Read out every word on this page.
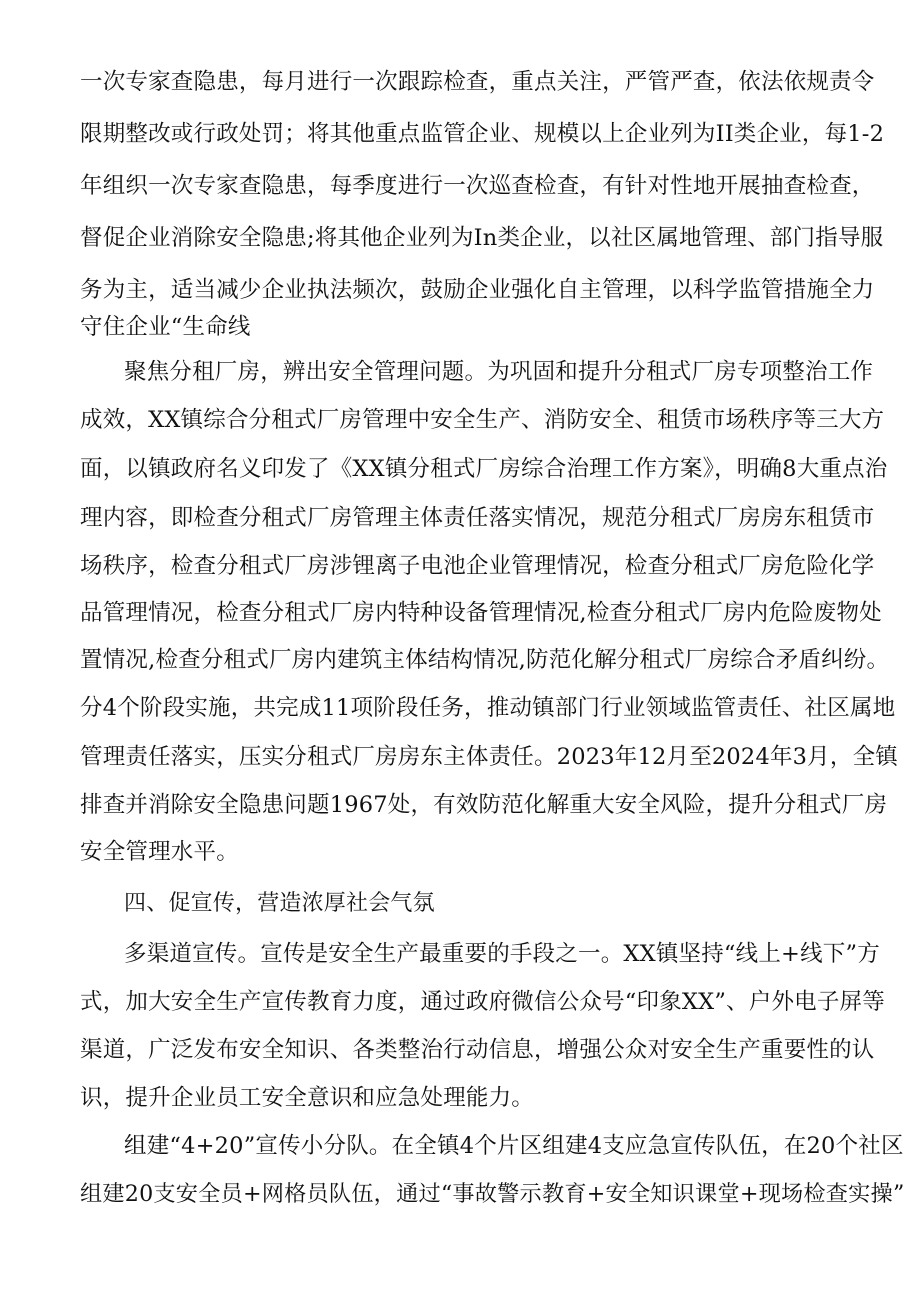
一次专家查隐患，每月进行一次跟踪检查，重点关注，严管严查，依法依规责令
限期整改或行政处罚；将其他重点监管企业、规模以上企业列为II类企业，每1-2
年组织一次专家查隐患，每季度进行一次巡查检查，有针对性地开展抽查检查，
督促企业消除安全隐患;将其他企业列为In类企业，以社区属地管理、部门指导服
务为主，适当减少企业执法频次，鼓励企业强化自主管理，以科学监管措施全力
守住企业“生命线
聚焦分租厂房，辨出安全管理问题。为巩固和提升分租式厂房专项整治工作
成效，XX镇综合分租式厂房管理中安全生产、消防安全、租赁市场秩序等三大方
面，以镇政府名义印发了《XX镇分租式厂房综合治理工作方案》，明确8大重点治
理内容，即检查分租式厂房管理主体责任落实情况，规范分租式厂房房东租赁市
场秩序，检查分租式厂房涉锂离子电池企业管理情况，检查分租式厂房危险化学
品管理情况，检查分租式厂房内特种设备管理情况,检查分租式厂房内危险废物处
置情况,检查分租式厂房内建筑主体结构情况,防范化解分租式厂房综合矛盾纠纷。
分4个阶段实施，共完成11项阶段任务，推动镇部门行业领域监管责任、社区属地
管理责任落实，压实分租式厂房房东主体责任。2023年12月至2024年3月，全镇
排查并消除安全隐患问题1967处，有效防范化解重大安全风险，提升分租式厂房
安全管理水平。
四、促宣传，营造浓厚社会气氛
多渠道宣传。宣传是安全生产最重要的手段之一。XX镇坚持“线上+线下”方
式，加大安全生产宣传教育力度，通过政府微信公众号“印象XX”、户外电子屏等
渠道，广泛发布安全知识、各类整治行动信息，增强公众对安全生产重要性的认
识，提升企业员工安全意识和应急处理能力。
组建“4+20”宣传小分队。在全镇4个片区组建4支应急宣传队伍，在20个社区
组建20支安全员+网格员队伍，通过“事故警示教育+安全知识课堂+现场检查实操”
